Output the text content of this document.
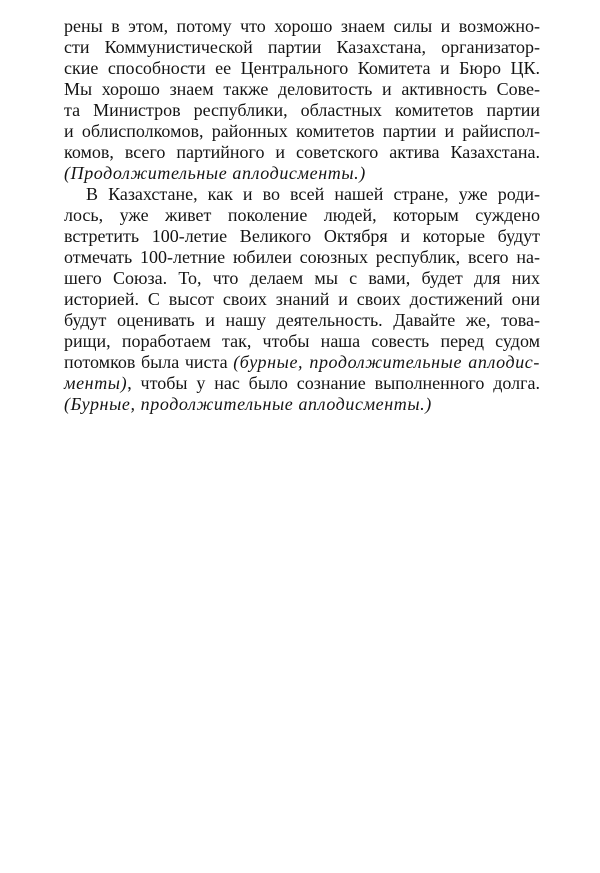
рены в этом, потому что хорошо знаем силы и возможно-
сти Коммунистической партии Казахстана, организатор-
ские способности ее Центрального Комитета и Бюро ЦК.
Мы хорошо знаем также деловитость и активность Сове-
та Министров республики, областных комитетов партии
и облисполкомов, районных комитетов партии и райиспол-
комов, всего партийного и советского актива Казахстана.
(Продолжительные аплодисменты.)

В Казахстане, как и во всей нашей стране, уже роди-
лось, уже живет поколение людей, которым суждено
встретить 100-летие Великого Октября и которые будут
отмечать 100-летние юбилеи союзных республик, всего на-
шего Союза. То, что делаем мы с вами, будет для них
историей. С высот своих знаний и своих достижений они
будут оценивать и нашу деятельность. Давайте же, това-
рищи, поработаем так, чтобы наша совесть перед судом
потомков была чиста (бурные, продолжительные аплодис-
менты), чтобы у нас было сознание выполненного долга.
(Бурные, продолжительные аплодисменты.)
